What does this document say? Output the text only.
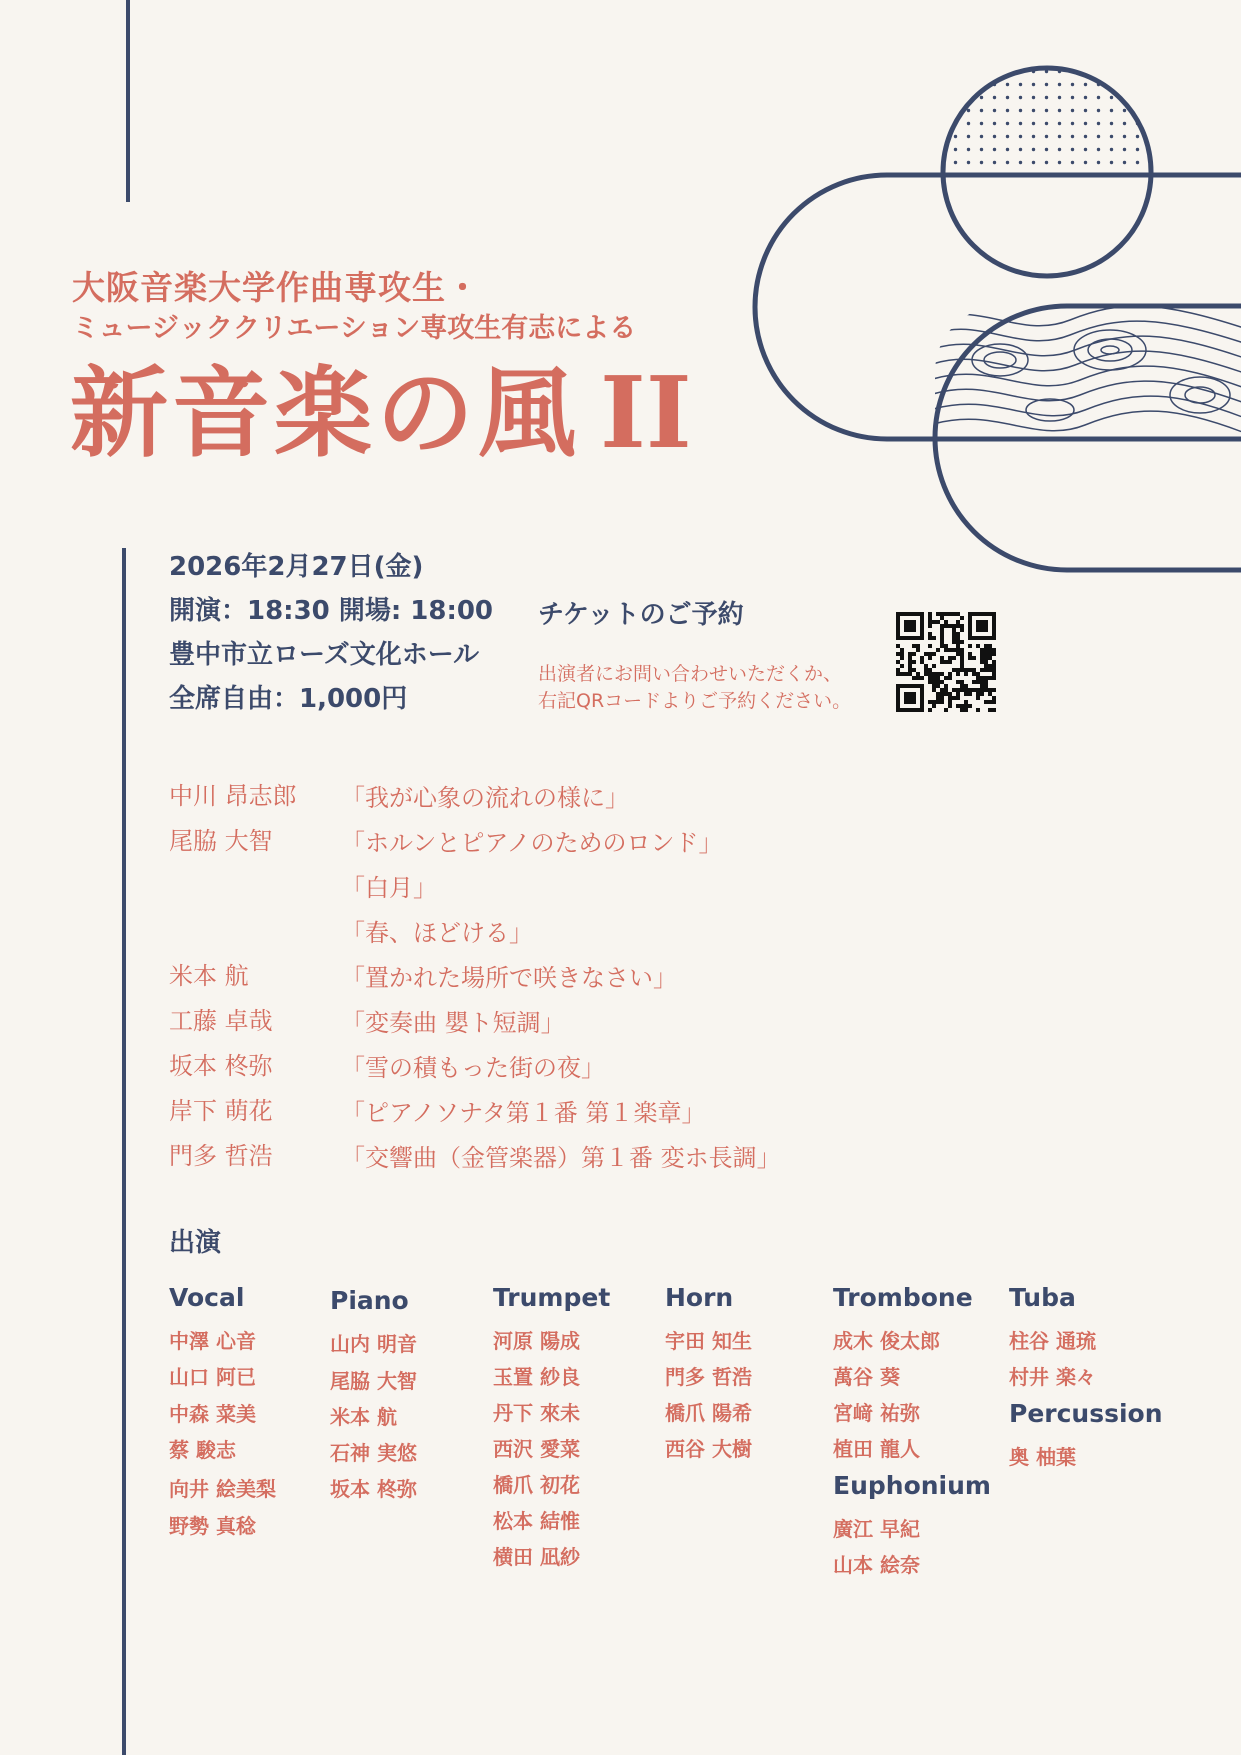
大阪音楽大学作曲専攻生・
ミュージッククリエーション専攻生有志による
新音楽の風 II
2026年2月27日(金)
開演：18:30 開場: 18:00
豊中市立ローズ文化ホール
全席自由：1,000円
チケットのご予約
出演者にお問い合わせいただくか、
右記QRコードよりご予約ください。
中川 昂志郎 「我が心象の流れの様に」
尾脇 大智	「ホルンとピアノのためのロンド」
「白月」
「春、ほどける」
米本 航	「置かれた場所で咲きなさい」
工藤 卓哉	「変奏曲 嬰ト短調」
坂本 柊弥	「雪の積もった街の夜」
岸下 萌花	「ピアノソナタ第１番 第１楽章」
門多 哲浩	「交響曲（金管楽器）第１番 変ホ長調」
出演
Vocal
中澤 心音
山口 阿已
中森 菜美
蔡 駿志
向井 絵美梨
野勢 真稔
Piano
山内 明音
尾脇 大智
米本 航
石神 実悠
坂本 柊弥
Trumpet
河原 陽成
玉置 紗良
丹下 來未
西沢 愛菜
橋爪 初花
松本 結惟
横田 凪紗
Horn
宇田 知生
門多 哲浩
橋爪 陽希
西谷 大樹
Trombone
成木 俊太郎
萬谷 葵
宮﨑 祐弥
植田 龍人
Euphonium
廣江 早紀
山本 絵奈
Tuba
柱谷 通琉
村井 楽々
Percussion
奥 柚葉
